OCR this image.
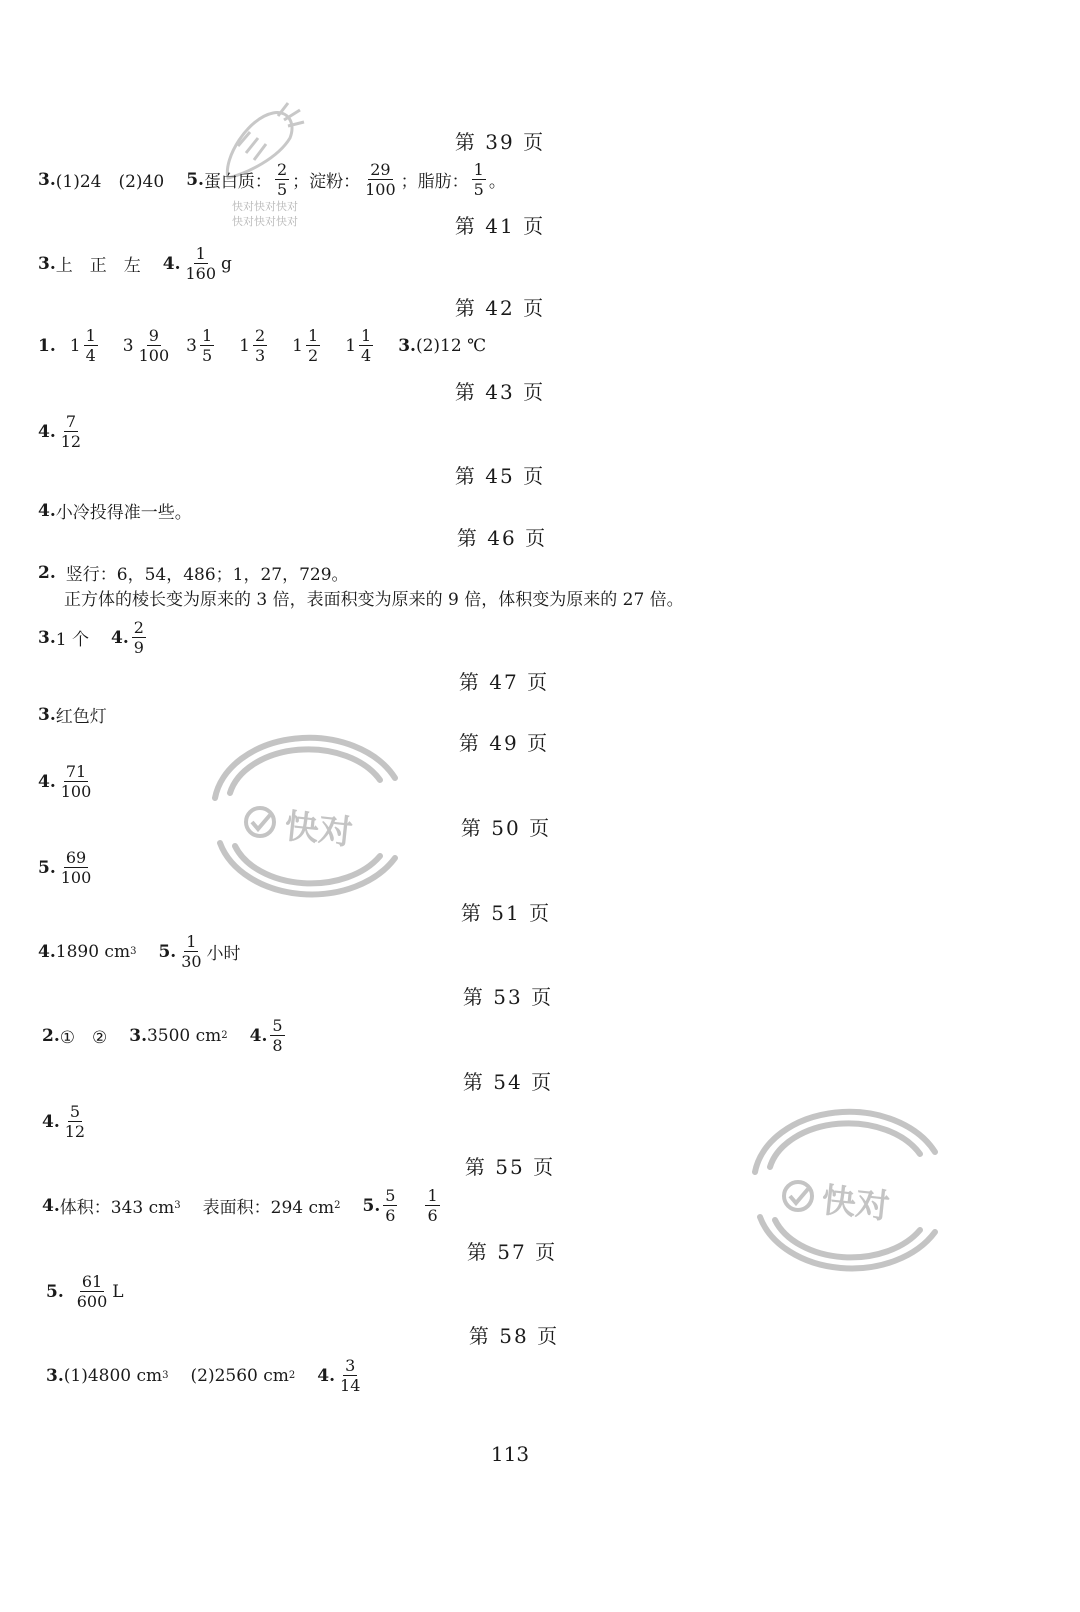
快对快对快对
快对快对快对
快对
快对
第 39 页
第 41 页
第 42 页
第 43 页
第 45 页
第 46 页
第 47 页
第 49 页
第 50 页
第 51 页
第 53 页
第 54 页
第 55 页
第 57 页
第 58 页
3. (1)24　(2)40 5. 蛋白质： $\frac{2}{5}$ ；淀粉： $\frac{29}{100}$ ；脂肪： $\frac{1}{5}$ 。
3. 上　正　左 4. $\frac{1}{160}$ g
1. $1 \frac{1}{4} 3 \frac{9}{100} 3 \frac{1}{5} 1 \frac{2}{3} 1 \frac{1}{2} 1 \frac{1}{4} 3$. (2)12 ℃
4. $\frac{7}{12}$
4. 小冷投得准一些。
2. 竖行：6，54，486；1，27，729。
正方体的棱长变为原来的 3 倍，表面积变为原来的 9 倍，体积变为原来的 27 倍。
3. 1 个 4. $\frac{2}{9}$
3. 红色灯
4. $\frac{71}{100}$
5. $\frac{69}{100}$
4. 1890 cm 3 5. $\frac{1}{30}$ 小时
2. ①　② 3. 3500 cm 2 4. $\frac{5}{8}$
4. $\frac{5}{12}$
4. 体积：343 cm 3 表面积：294 cm 2 5. $\frac{5}{6} \frac{1}{6}$
5. $\frac{61}{600}$ L
3. (1)4800 cm 3 (2)2560 cm 2 4. $\frac{3}{14}$
113
